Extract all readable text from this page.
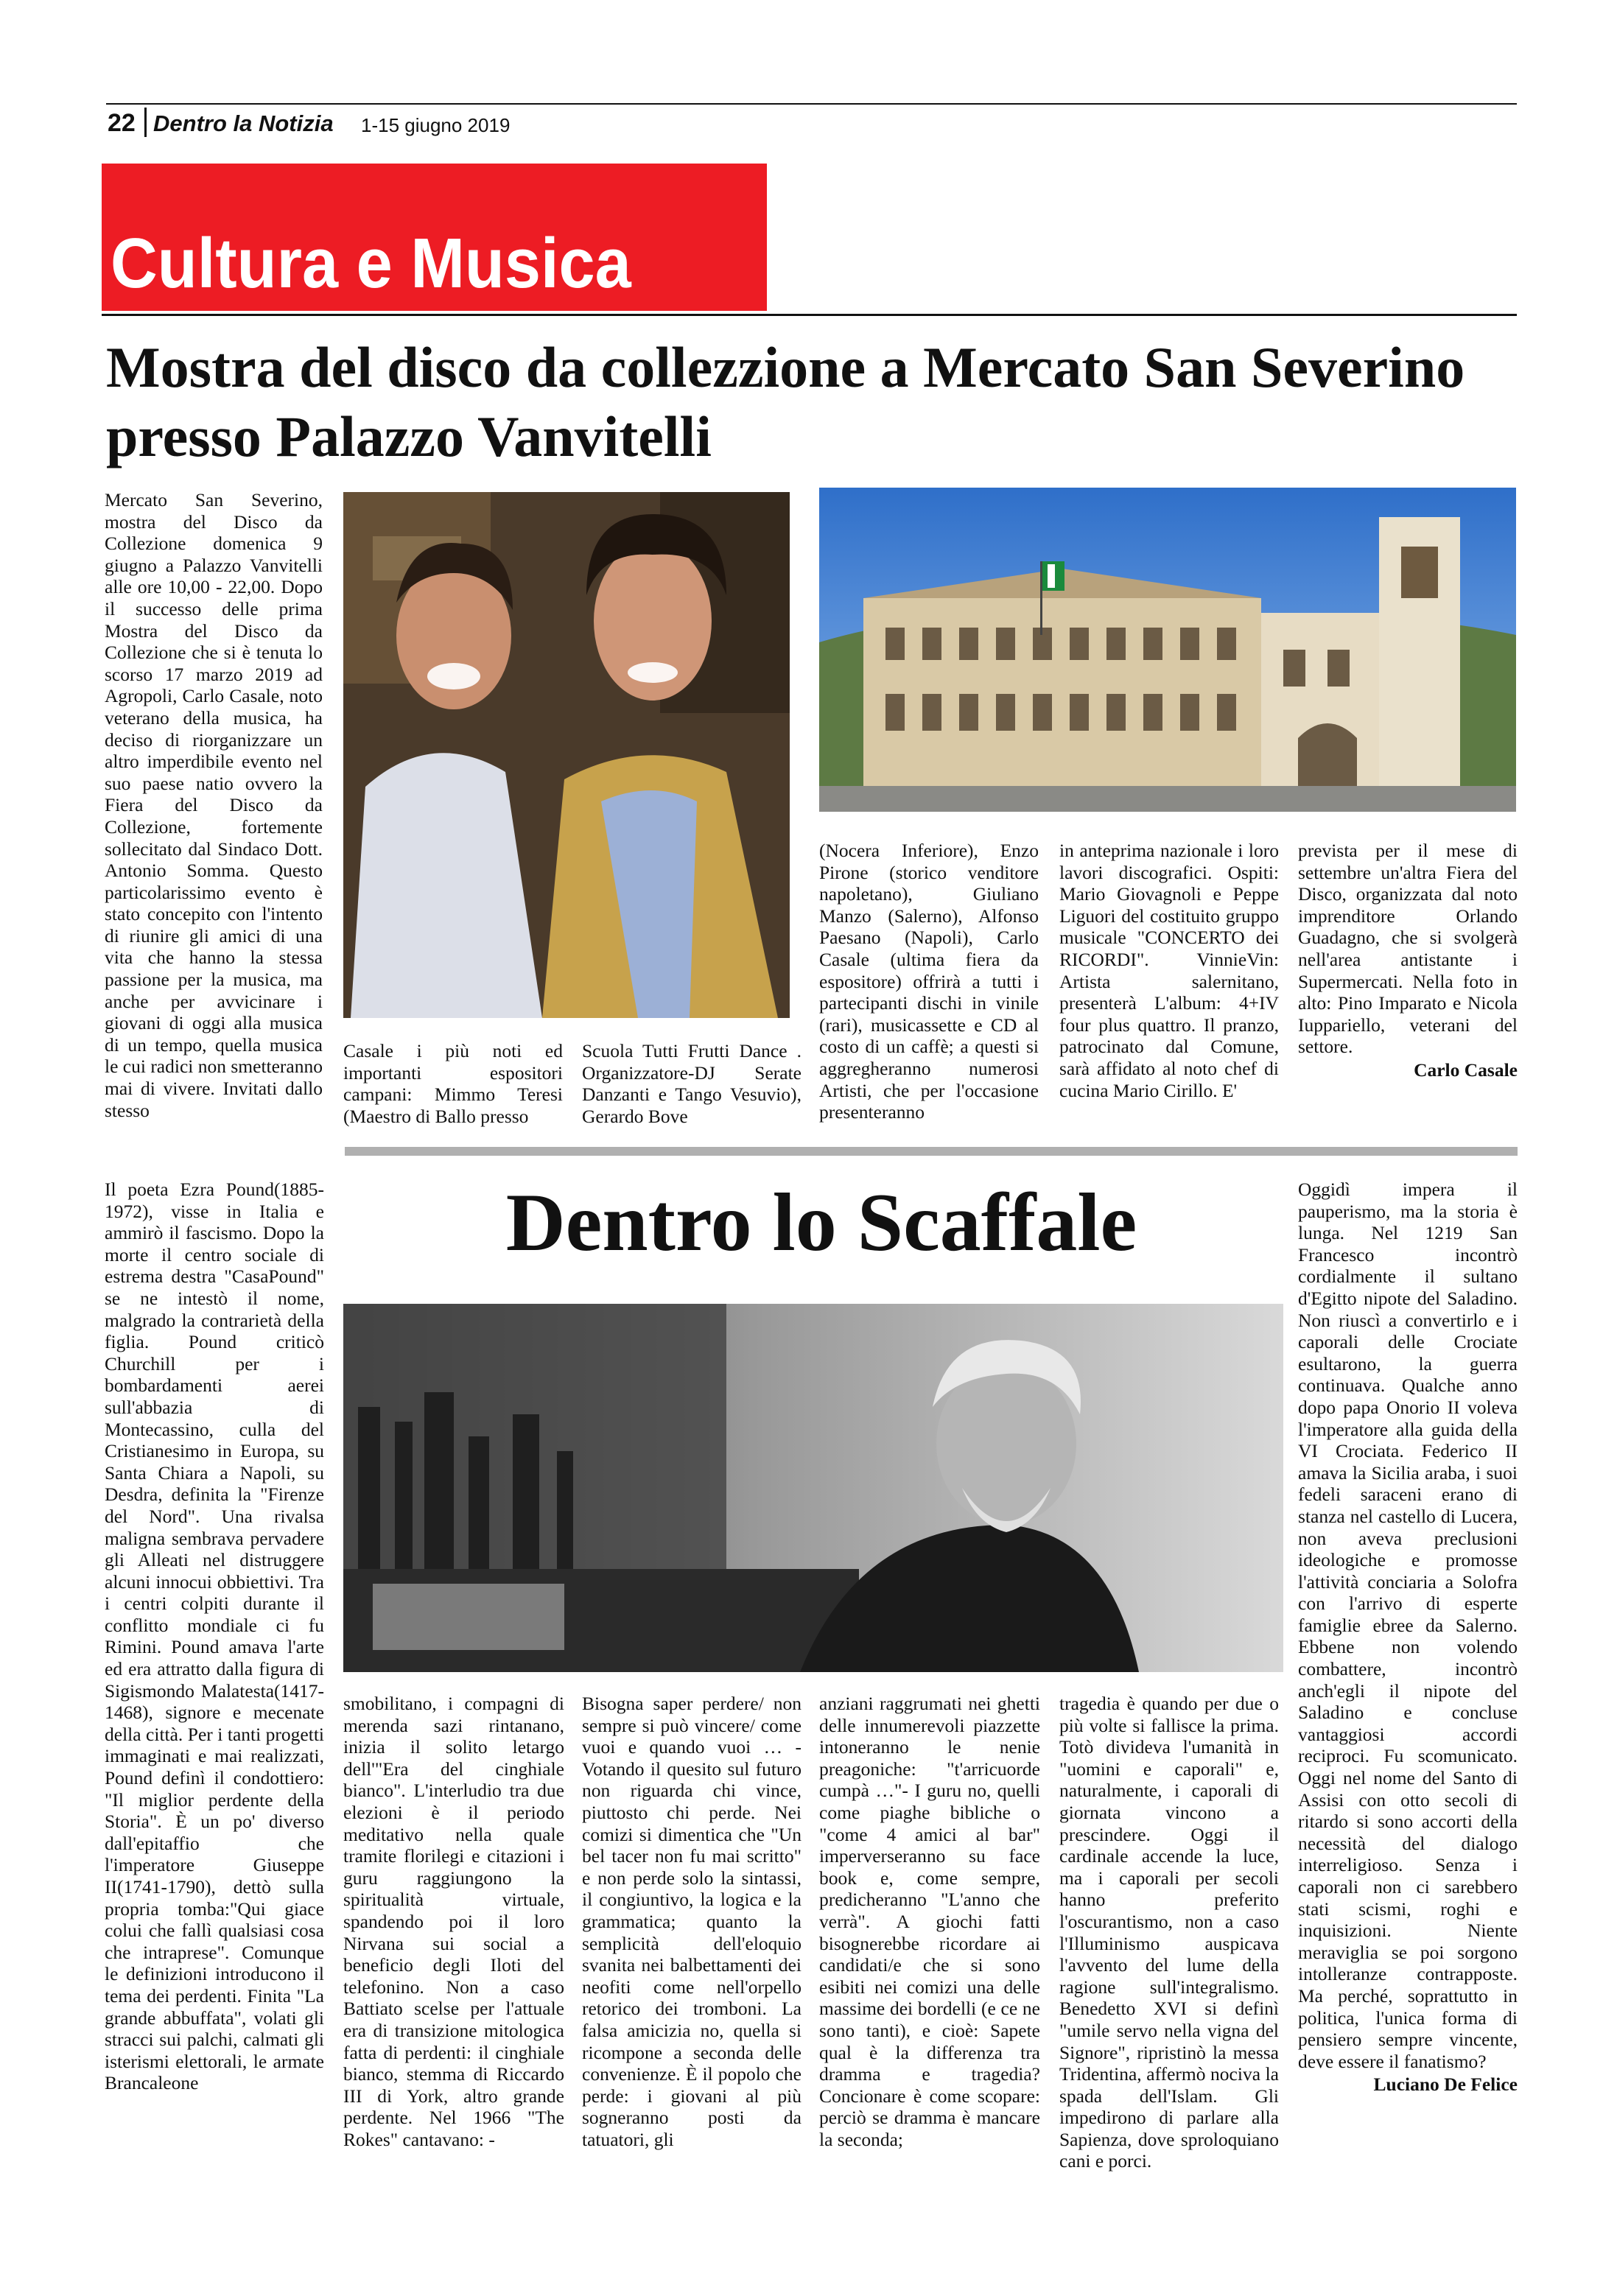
22 Dentro la Notizia 1-15 giugno 2019
Cultura e Musica
Mostra del disco da collezzione a Mercato San Severino presso Palazzo Vanvitelli

Mercato San Severino, mostra del Disco da Collezione domenica 9 giugno a Palazzo Vanvitelli alle ore 10,00 - 22,00. Dopo il successo delle prima Mostra del Disco da Collezione che si è tenuta lo scorso 17 marzo 2019 ad Agropoli, Carlo Casale, noto veterano della musica, ha deciso di riorganizzare un altro imperdibile evento nel suo paese natio ovvero la Fiera del Disco da Collezione, fortemente sollecitato dal Sindaco Dott. Antonio Somma. Questo particolarissimo evento è stato concepito con l'intento di riunire gli amici di una vita che hanno la stessa passione per la musica, ma anche per avvicinare i giovani di oggi alla musica di un tempo, quella musica le cui radici non smetteranno mai di vivere. Invitati dallo stesso

Casale i più noti ed importanti espositori campani: Mimmo Teresi (Maestro di Ballo presso

Scuola Tutti Frutti Dance . Organizzatore-DJ Serate Danzanti e Tango Vesuvio), Gerardo Bove

(Nocera Inferiore), Enzo Pirone (storico venditore napoletano), Giuliano Manzo (Salerno), Alfonso Paesano (Napoli), Carlo Casale (ultima fiera da espositore) offrirà a tutti i partecipanti dischi in vinile (rari), musicassette e CD al costo di un caffè; a questi si aggregheranno numerosi Artisti, che per l'occasione presenteranno

in anteprima nazionale i loro lavori discografici. Ospiti: Mario Giovagnoli e Peppe Liguori del costituito gruppo musicale "CONCERTO dei RICORDI". VinnieVin: Artista salernitano, presenterà L'album: 4+IV four plus quattro. Il pranzo, patrocinato dal Comune, sarà affidato al noto chef di cucina Mario Cirillo. E'

prevista per il mese di settembre un'altra Fiera del Disco, organizzata dal noto imprenditore Orlando Guadagno, che si svolgerà nell'area antistante i Supermercati. Nella foto in alto: Pino Imparato e Nicola Iuppariello, veterani del settore.

Carlo Casale
Dentro lo Scaffale

Il poeta Ezra Pound(1885-1972), visse in Italia e ammirò il fascismo. Dopo la morte il centro sociale di estrema destra "CasaPound" se ne intestò il nome, malgrado la contrarietà della figlia. Pound criticò Churchill per i bombardamenti aerei sull'abbazia di Montecassino, culla del Cristianesimo in Europa, su Santa Chiara a Napoli, su Desdra, definita la "Firenze del Nord". Una rivalsa maligna sembrava pervadere gli Alleati nel distruggere alcuni innocui obbiettivi. Tra i centri colpiti durante il conflitto mondiale ci fu Rimini. Pound amava l'arte ed era attratto dalla figura di Sigismondo Malatesta(1417-1468), signore e mecenate della città. Per i tanti progetti immaginati e mai realizzati, Pound definì il condottiero: "Il miglior perdente della Storia". È un po' diverso dall'epitaffio che l'imperatore Giuseppe II(1741-1790), dettò sulla propria tomba:"Qui giace colui che fallì qualsiasi cosa che intraprese". Comunque le definizioni introducono il tema dei perdenti. Finita "La grande abbuffata", volati gli stracci sui palchi, calmati gli isterismi elettorali, le armate Brancaleone

smobilitano, i compagni di merenda sazi rintanano, inizia il solito letargo dell'"Era del cinghiale bianco". L'interludio tra due elezioni è il periodo meditativo nella quale tramite florilegi e citazioni i guru raggiungono la spiritualità virtuale, spandendo poi il loro Nirvana sui social a beneficio degli Iloti del telefonino. Non a caso Battiato scelse per l'attuale era di transizione mitologica fatta di perdenti: il cinghiale bianco, stemma di Riccardo III di York, altro grande perdente. Nel 1966 "The Rokes" cantavano: -

Bisogna saper perdere/ non sempre si può vincere/ come vuoi e quando vuoi … - Votando il quesito sul futuro non riguarda chi vince, piuttosto chi perde. Nei comizi si dimentica che "Un bel tacer non fu mai scritto" e non perde solo la sintassi, il congiuntivo, la logica e la grammatica; quanto la semplicità dell'eloquio svanita nei balbettamenti dei neofiti come nell'orpello retorico dei tromboni. La falsa amicizia no, quella si ricompone a seconda delle convenienze. È il popolo che perde: i giovani al più sogneranno posti da tatuatori, gli

anziani raggrumati nei ghetti delle innumerevoli piazzette intoneranno le nenie preagoniche: "t'arricuorde cumpà …"- I guru no, quelli come piaghe bibliche o "come 4 amici al bar" imperverseranno su face book e, come sempre, predicheranno "L'anno che verrà". A giochi fatti bisognerebbe ricordare ai candidati/e che si sono esibiti nei comizi una delle massime dei bordelli (e ce ne sono tanti), e cioè: Sapete qual è la differenza tra dramma e tragedia? Concionare è come scopare: perciò se dramma è mancare la seconda;

tragedia è quando per due o più volte si fallisce la prima. Totò divideva l'umanità in "uomini e caporali" e, naturalmente, i caporali di giornata vincono a prescindere. Oggi il cardinale accende la luce, ma i caporali per secoli hanno preferito l'oscurantismo, non a caso l'Illuminismo auspicava l'avvento del lume della ragione sull'integralismo. Benedetto XVI si definì "umile servo nella vigna del Signore", ripristinò la messa Tridentina, affermò nociva la spada dell'Islam. Gli impedirono di parlare alla Sapienza, dove sproloquiano cani e porci.

Oggidì impera il pauperismo, ma la storia è lunga. Nel 1219 San Francesco incontrò cordialmente il sultano d'Egitto nipote del Saladino. Non riuscì a convertirlo e i caporali delle Crociate esultarono, la guerra continuava. Qualche anno dopo papa Onorio II voleva l'imperatore alla guida della VI Crociata. Federico II amava la Sicilia araba, i suoi fedeli saraceni erano di stanza nel castello di Lucera, non aveva preclusioni ideologiche e promosse l'attività conciaria a Solofra con l'arrivo di esperte famiglie ebree da Salerno. Ebbene non volendo combattere, incontrò anch'egli il nipote del Saladino e concluse vantaggiosi accordi reciproci. Fu scomunicato. Oggi nel nome del Santo di Assisi con otto secoli di ritardo si sono accorti della necessità del dialogo interreligioso. Senza i caporali non ci sarebbero stati scismi, roghi e inquisizioni. Niente meraviglia se poi sorgono intolleranze contrapposte. Ma perché, soprattutto in politica, l'unica forma di pensiero sempre vincente, deve essere il fanatismo?

Luciano De Felice
